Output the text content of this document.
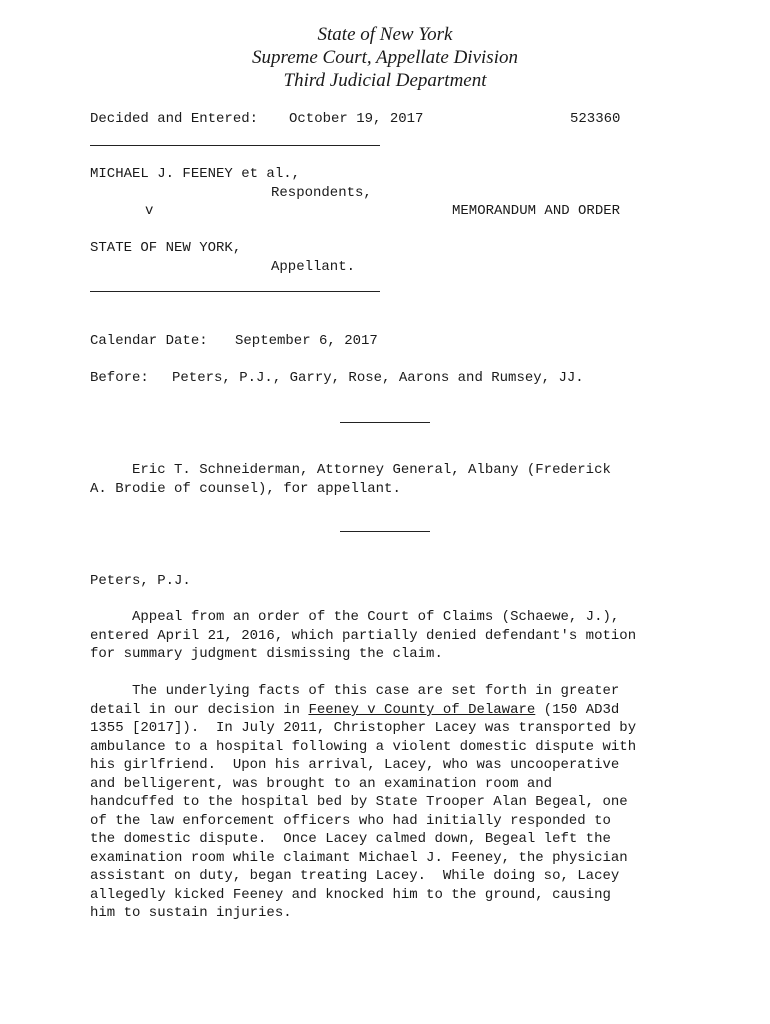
State of New York
Supreme Court, Appellate Division
Third Judicial Department
Decided and Entered: October 19, 2017	523360
MICHAEL J. FEENEY et al.,
Respondents,
v	MEMORANDUM AND ORDER
STATE OF NEW YORK,
Appellant.
Calendar Date: September 6, 2017
Before: Peters, P.J., Garry, Rose, Aarons and Rumsey, JJ.
Eric T. Schneiderman, Attorney General, Albany (Frederick
A. Brodie of counsel), for appellant.
Peters, P.J.
Appeal from an order of the Court of Claims (Schaewe, J.),
entered April 21, 2016, which partially denied defendant's motion
for summary judgment dismissing the claim.
The underlying facts of this case are set forth in greater
detail in our decision in Feeney v County of Delaware (150 AD3d
1355 [2017]).  In July 2011, Christopher Lacey was transported by
ambulance to a hospital following a violent domestic dispute with
his girlfriend.  Upon his arrival, Lacey, who was uncooperative
and belligerent, was brought to an examination room and
handcuffed to the hospital bed by State Trooper Alan Begeal, one
of the law enforcement officers who had initially responded to
the domestic dispute.  Once Lacey calmed down, Begeal left the
examination room while claimant Michael J. Feeney, the physician
assistant on duty, began treating Lacey.  While doing so, Lacey
allegedly kicked Feeney and knocked him to the ground, causing
him to sustain injuries.
